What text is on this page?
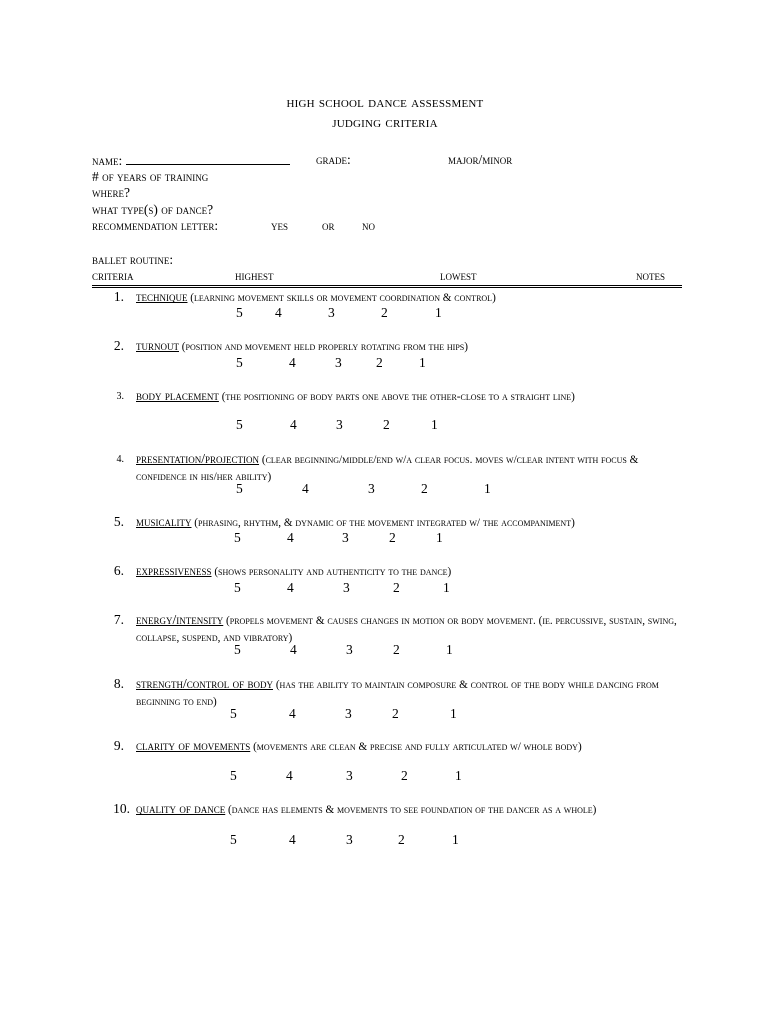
high school dance assessment
judging criteria
name:	grade:	major/minor
# of years of training
where?
what type(s) of dance?
recommendation letter:	yes	or no
ballet routine:
criteria	highest	lowest	notes
1. technique (learning movement skills or movement coordination & control)
5 4	3	2	1
2. turnout (position and movement held properly rotating from the hips)
5	4	3	2	1
3. body placement (the positioning of body parts one above the other-close to a straight line)
5	4	3	2	1
4. presentation/projection (clear beginning/middle/end w/a clear focus. moves w/clear intent with focus & confidence in his/her ability)
5	4	3	2	1
5. musicality (phrasing, rhythm, & dynamic of the movement integrated w/ the accompaniment)
5	4	3	2	1
6. expressiveness (shows personality and authenticity to the dance)
5	4	3	2	1
7. energy/intensity (propels movement & causes changes in motion or body movement. (ie. percussive, sustain, swing, collapse, suspend, and vibratory)
5	4	3	2	1
8. strength/control of body (has the ability to maintain composure & control of the body while dancing from beginning to end)
5	4	3	2	1
9. clarity of movements (movements are clean & precise and fully articulated w/ whole body)
5	4	3	2	1
10. quality of dance (dance has elements & movements to see foundation of the dancer as a whole)
5	4	3	2	1
